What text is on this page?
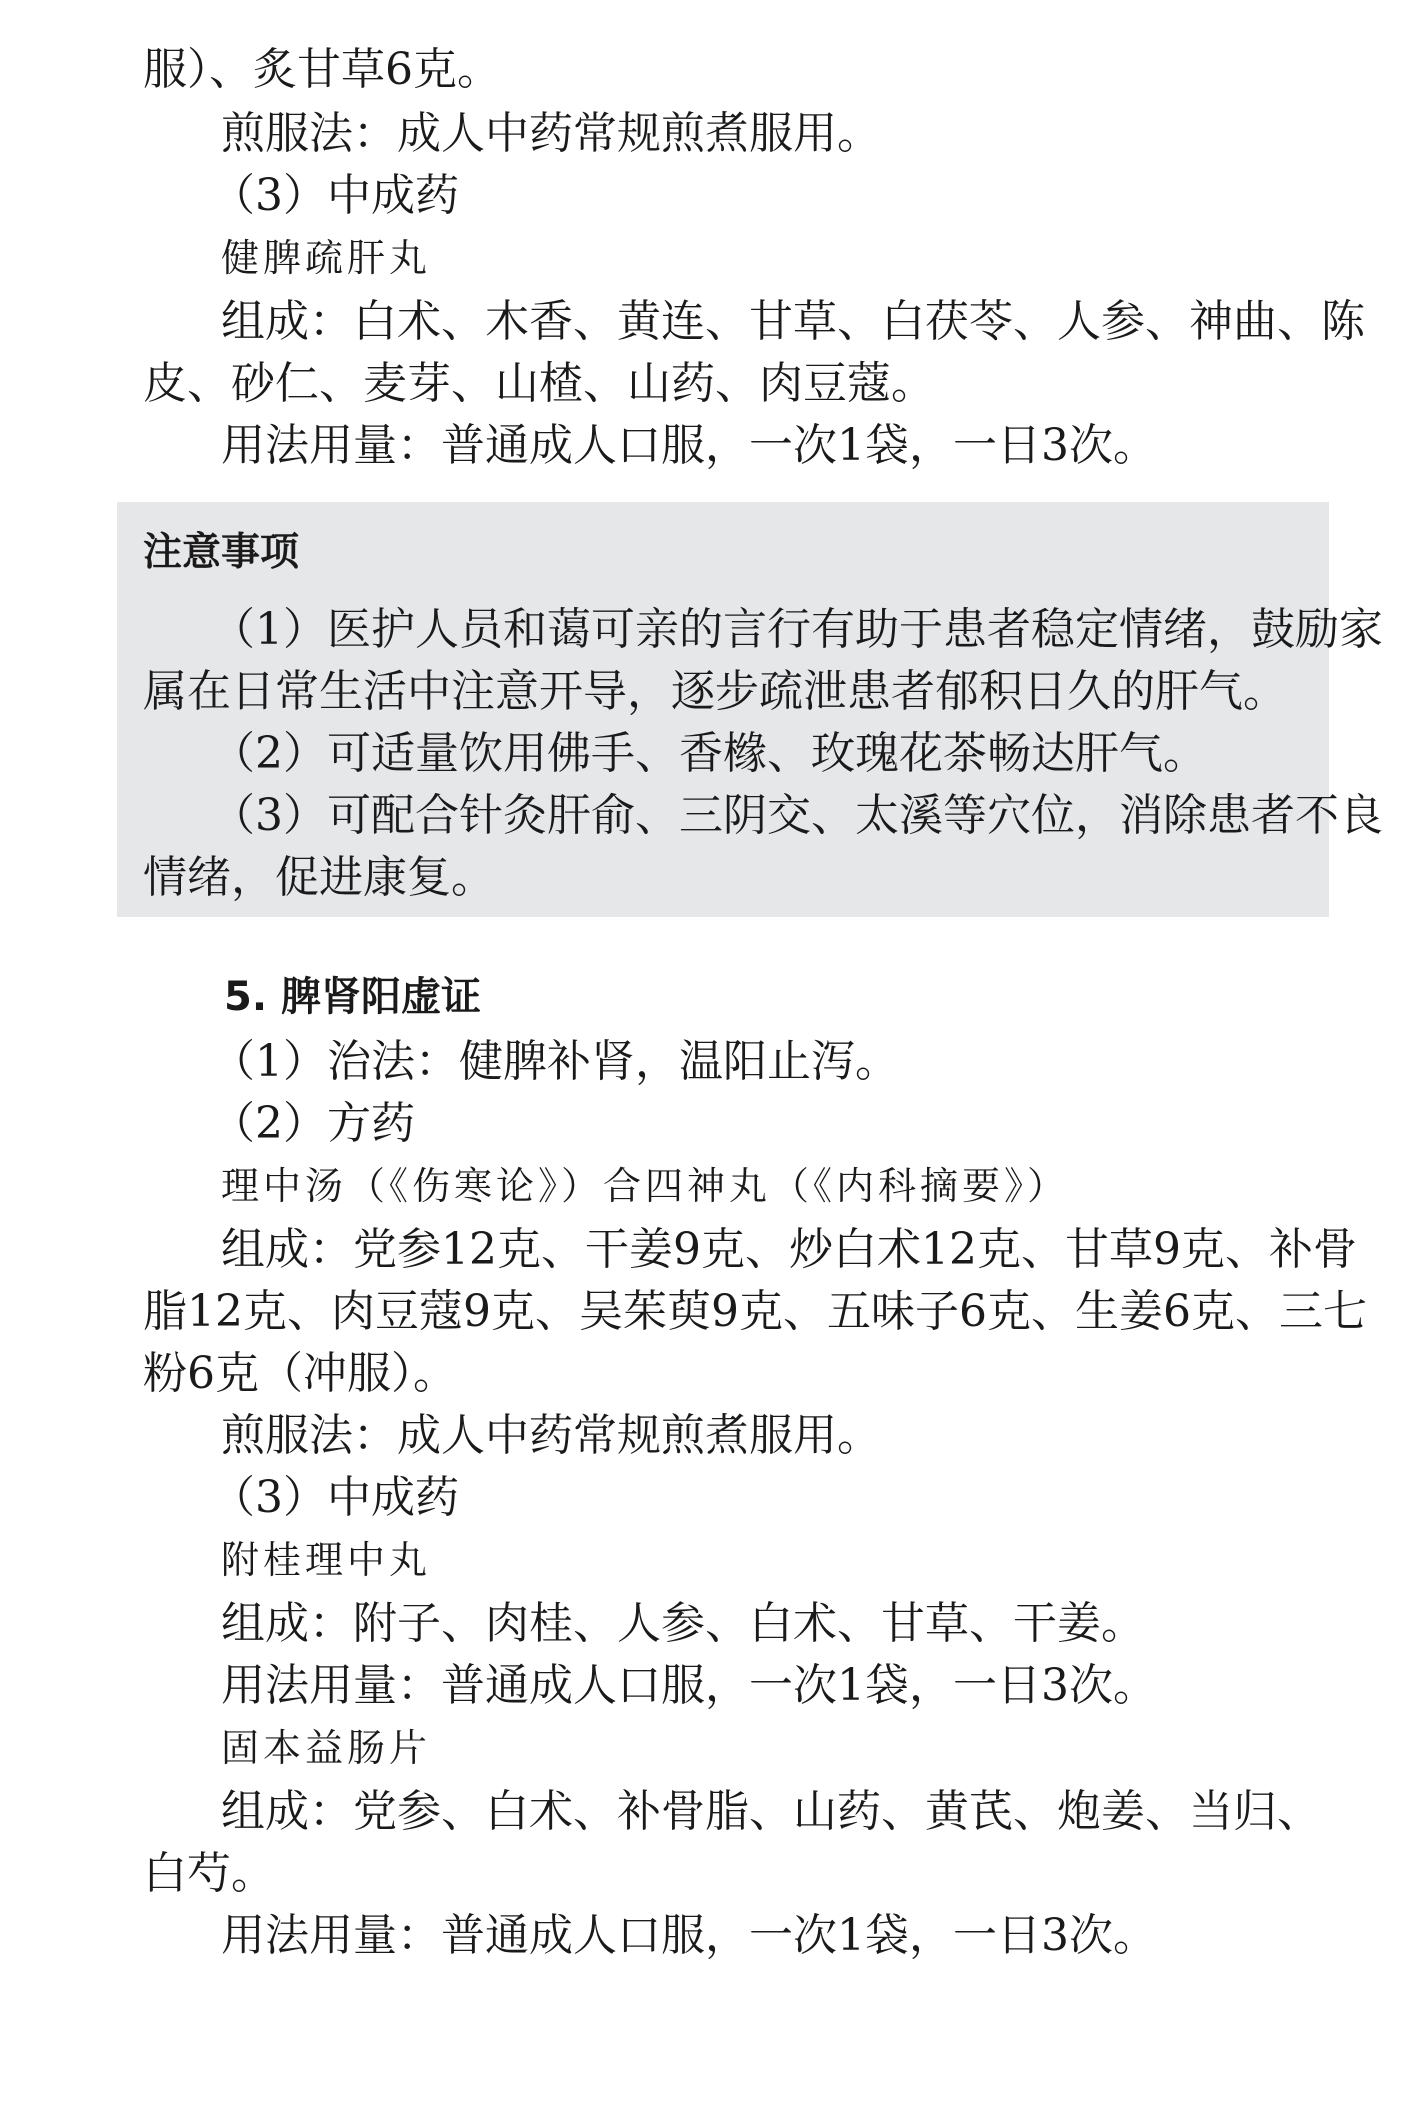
服）、炙甘草6克。
煎服法：成人中药常规煎煮服用。
（3）中成药
健脾疏肝丸
组成：白术、木香、黄连、甘草、白茯苓、人参、神曲、陈
皮、砂仁、麦芽、山楂、山药、肉豆蔻。
用法用量：普通成人口服，一次1袋，一日3次。
注意事项
（1）医护人员和蔼可亲的言行有助于患者稳定情绪，鼓励家
属在日常生活中注意开导，逐步疏泄患者郁积日久的肝气。
（2）可适量饮用佛手、香橼、玫瑰花茶畅达肝气。
（3）可配合针灸肝俞、三阴交、太溪等穴位，消除患者不良
情绪，促进康复。
5. 脾肾阳虚证
（1）治法：健脾补肾，温阳止泻。
（2）方药
理中汤（《伤寒论》）合四神丸（《内科摘要》）
组成：党参12克、干姜9克、炒白术12克、甘草9克、补骨
脂12克、肉豆蔻9克、吴茱萸9克、五味子6克、生姜6克、三七
粉6克（冲服）。
煎服法：成人中药常规煎煮服用。
（3）中成药
附桂理中丸
组成：附子、肉桂、人参、白术、甘草、干姜。
用法用量：普通成人口服，一次1袋，一日3次。
固本益肠片
组成：党参、白术、补骨脂、山药、黄芪、炮姜、当归、
白芍。
用法用量：普通成人口服，一次1袋，一日3次。
